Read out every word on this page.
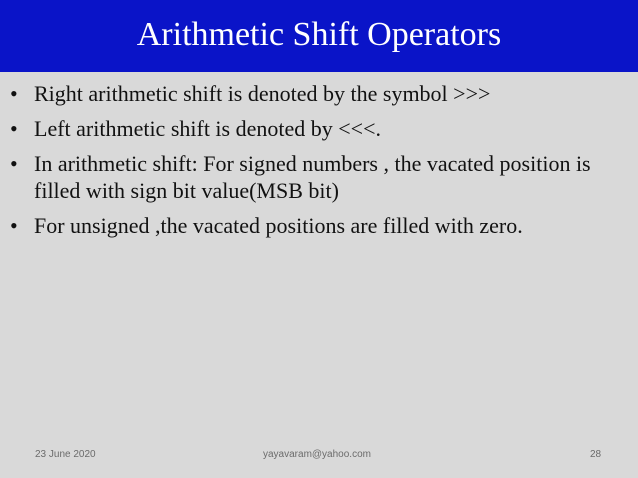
Arithmetic Shift Operators
• Right arithmetic shift is denoted by the symbol >>>
• Left arithmetic shift is denoted by <<<.
• In arithmetic shift: For signed numbers , the vacated position is filled with sign bit value(MSB bit)
• For unsigned ,the vacated positions are filled with zero.
23 June 2020	yayavaram@yahoo.com	28
